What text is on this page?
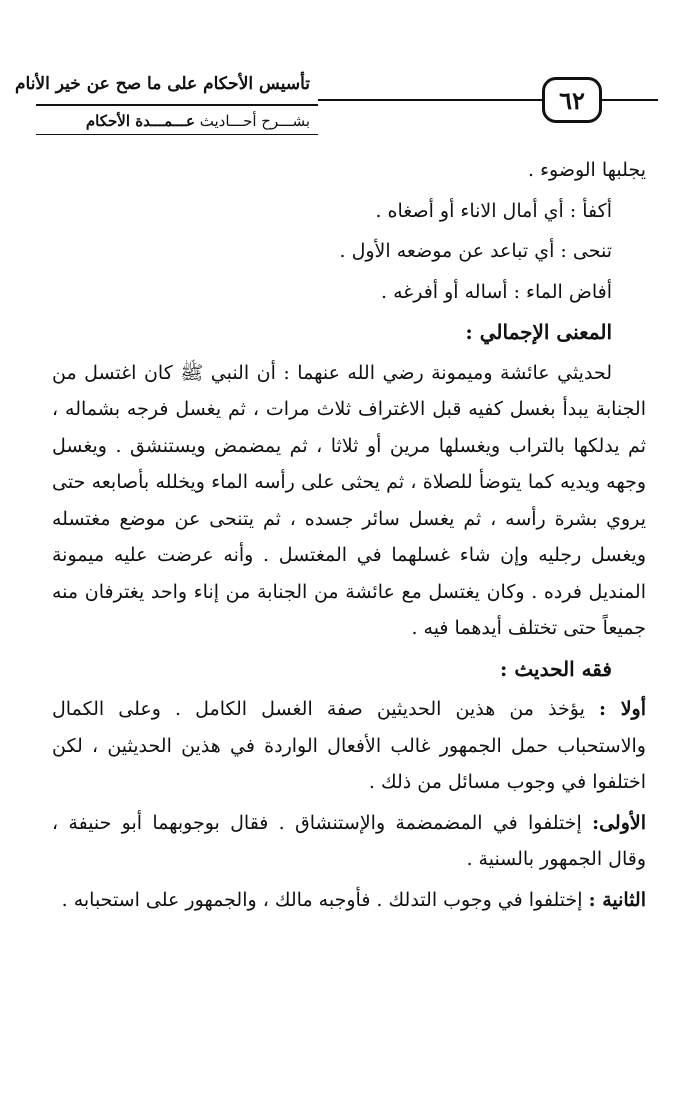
تأسيس الأحكام على ما صح عن خير الأنام
بشـــرح أحـــاديث عـــمـــدة الأحكام
٦٢

يجلبها الوضوء .

أكفأ : أي أمال الاناء أو أصغاه .

تنحى : أي تباعد عن موضعه الأول .

أفاض الماء : أساله أو أفرغه .

المعنى الإجمالي :

لحديثي عائشة وميمونة رضي الله عنهما : أن النبي ﷺ كان اغتسل من الجنابة يبدأ بغسل كفيه قبل الاغتراف ثلاث مرات ، ثم يغسل فرجه بشماله ، ثم يدلكها بالتراب ويغسلها مرين أو ثلاثا ، ثم يمضمض ويستنشق . ويغسل وجهه ويديه كما يتوضأ للصلاة ، ثم يحثى على رأسه الماء ويخلله بأصابعه حتى يروي بشرة رأسه ، ثم يغسل سائر جسده ، ثم يتنحى عن موضع مغتسله ويغسل رجليه وإن شاء غسلهما في المغتسل . وأنه عرضت عليه ميمونة المنديل فرده . وكان يغتسل مع عائشة من الجنابة من إناء واحد يغترفان منه جميعاً حتى تختلف أيدهما فيه .

فقه الحديث :

أولا : يؤخذ من هذين الحديثين صفة الغسل الكامل . وعلى الكمال والاستحباب حمل الجمهور غالب الأفعال الواردة في هذين الحديثين ، لكن اختلفوا في وجوب مسائل من ذلك .

الأولى: إختلفوا في المضمضمة والإستنشاق . فقال بوجوبهما أبو حنيفة ، وقال الجمهور بالسنية .

الثانية : إختلفوا في وجوب التدلك . فأوجبه مالك ، والجمهور على استحبابه .
